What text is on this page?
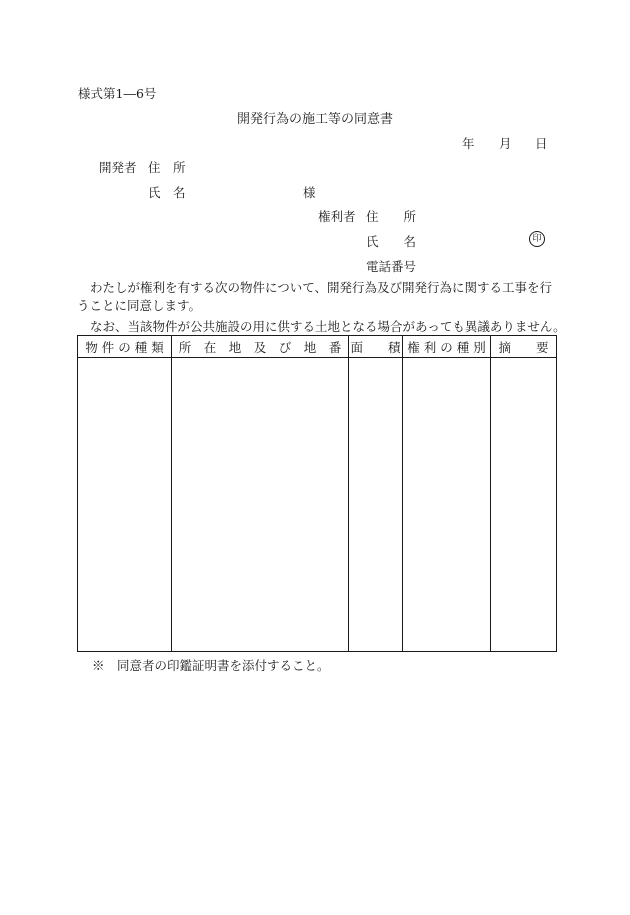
様式第1―6号
開発行為の施工等の同意書
年 月 日
開発者 住　所
氏　名	様
権利者 住　　所
氏　　名	印
電話番号
わたしが権利を有する次の物件について、開発行為及び開発行為に関する工事を行うことに同意します。
なお、当該物件が公共施設の用に供する土地となる場合があっても異議ありません。
物 件 の 種 類	所　在　地　及　び　地　番	面　　積	権 利 の 種 別	摘　　要

※　同意者の印鑑証明書を添付すること。
